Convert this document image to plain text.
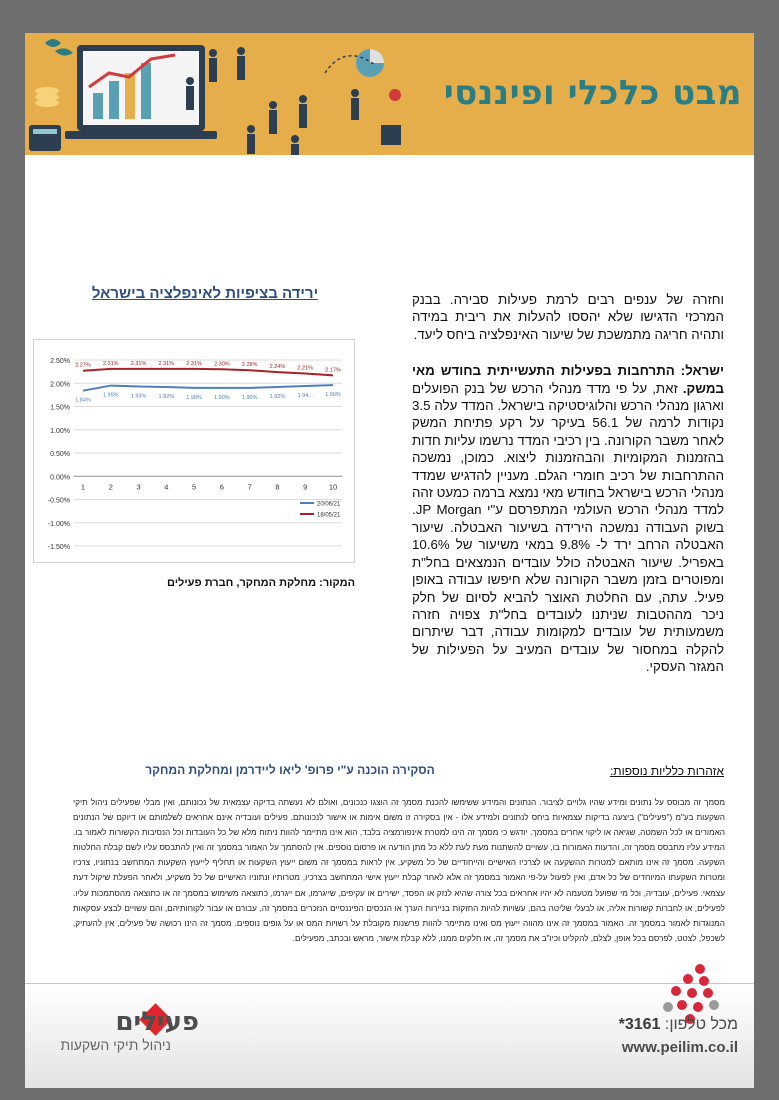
מבט כלכלי ופיננסי

וחזרה של ענפים רבים לרמת פעילות סבירה. בבנק המרכזי הדגישו שלא יהססו להעלות את ריבית במידה ותהיה חריגה מתמשכת של שיעור האינפלציה ביחס ליעד.

ישראל: התרחבות בפעילות התעשייתית בחודש מאי במשק. זאת, על פי מדד מנהלי הרכש של בנק הפועלים וארגון מנהלי הרכש והלוגיסטיקה בישראל. המדד עלה 3.5 נקודות לרמה של 56.1 בעיקר על רקע פתיחת המשק לאחר משבר הקורונה. בין רכיבי המדד נרשמו עליות חדות בהזמנות המקומיות והבהזמנות ליצוא. כמוכן, נמשכה ההתרחבות של רכיב חומרי הגלם. מעניין להדגיש שמדד מנהלי הרכש בישראל בחודש מאי נמצא ברמה כמעט זהה למדד מנהלי הרכש העולמי המתפרסם ע"י JP Morgan. בשוק העבודה נמשכה הירידה בשיעור האבטלה. שיעור האבטלה הרחב ירד ל- 9.8% במאי משיעור של 10.6% באפריל. שיעור האבטלה כולל עובדים הנמצאים בחל"ת ומפוטרים בזמן משבר הקורונה שלא חיפשו עבודה באופן פעיל. עתה, עם החלטת האוצר להביא לסיום של חלק ניכר מההטבות שניתנו לעובדים בחל"ת צפויה חזרה משמעותית של עובדים למקומות עבודה, דבר שיתרום להקלה במחסור של עובדים המעיב על הפעילות של המגזר העסקי.

ירידה בציפיות לאינפלציה בישראל
2.50%
2.00%
1.50%
1.00%
0.50%
0.00%
-0.50%
-1.00%
-1.50%
1	2	3	4	5	6	7	8	9	10
1.84%
1.95% 1.93% 1.92% 1.90% 1.90% 1.90% 1.92% 1.94... 1.96%
2.27% 2.31% 2.31% 2.31% 2.31% 2.30% 2.28% 2.24% 2.21% 2.17%
20/06/21
18/05/21
המקור: מחלקת המחקר, חברת פעילים
אזהרות כלליות נוספות:
הסקירה הוכנה ע"י פרופ' ליאו ליידרמן ומחלקת המחקר
מסמך זה מבוסס על נתונים ומידע שהיו גלויים לציבור. הנתונים והמידע ששימשו להכנת מסמך זה הוצגו כנכונים, ואולם לא נעשתה בדיקה עצמאית של נכונותם, ואין מבלי שפעילים ניהול תיקי השקעות בע"מ ("פעילים") ביצעה בדיקות עצמאיות ביחס לנתונים ולמידע אלו - אין בסקירה זו משום אימות או אישור לנכונותם. פעילים ועובדיה אינם אחראים לשלמותם או דיוקם של הנתונים האמורים או לכל השמטה, שגיאה או ליקוי אחרים במסמך. יודגש כי מסמך זה הינו למטרת אינפורמציה בלבד, הוא אינו מתיימר להוות ניתוח מלא של כל העובדות וכל הנסיבות הקשורות לאמור בו. המידע עליו מתבסס מסמך זה, והדעות האמורות בו, עשויים להשתנות מעת לעת ללא כל מתן הודעה או פרסום נוספים. אין להסתמך על האמור במסמך זה ואין להתבסס עליו לשם קבלת החלטות השקעה. מסמך זה אינו מותאם למטרות ההשקעה או לצרכיו האישיים והייחודיים של כל משקיע, אין לראות במסמך זה משום ייעוץ השקעות או תחליף לייעוץ השקעות המתחשב בנתוניו, צרכיו ומטרות השקעתו המיוחדים של כל אדם, ואין לפעול על-פי האמור במסמך זה אלא לאחר קבלת ייעוץ אישי המתחשב בצרכיו, מטרותיו ונתוניו האישיים של כל משקיע, ולאחר הפעלת שיקול דעת עצמאי. פעילים, עובדיה, וכל מי שפועל מטעמה לא יהיו אחראים בכל צורה שהיא לנזק או הפסד, ישירים או עקיפים, שייגרמו, אם ייגרמו, כתוצאה משימוש במסמך זה או כתוצאה מהסתמכות עליו. לפעילים, או לחברות קשורות אליה, או לבעלי שליטה בהם, עשויות להיות החזקות בניירות הערך או הנכסים הפיננסיים הנזכרים במסמך זה, עבורם או עבור לקוחותיהם, והם עשויים לבצע עסקאות המנוגדות לאמור במסמך זה. האמור במסמך זה אינו מהווה ייעוץ מס ואינו מתיימר להוות פרשנות מקובלת על רשויות המס או על גופים נוספים. מסמך זה הינו רכושה של פעילים, אין להעתיק, לשכפל, לצטט, לפרסם בכל אופן, לצלם, להקליט וכיו"ב את מסמך זה, או חלקים ממנו, ללא קבלת אישור, מראש ובכתב, מפעילים.
פעילים
ניהול תיקי השקעות
מכל טלפון: 3161*
www.peilim.co.il
